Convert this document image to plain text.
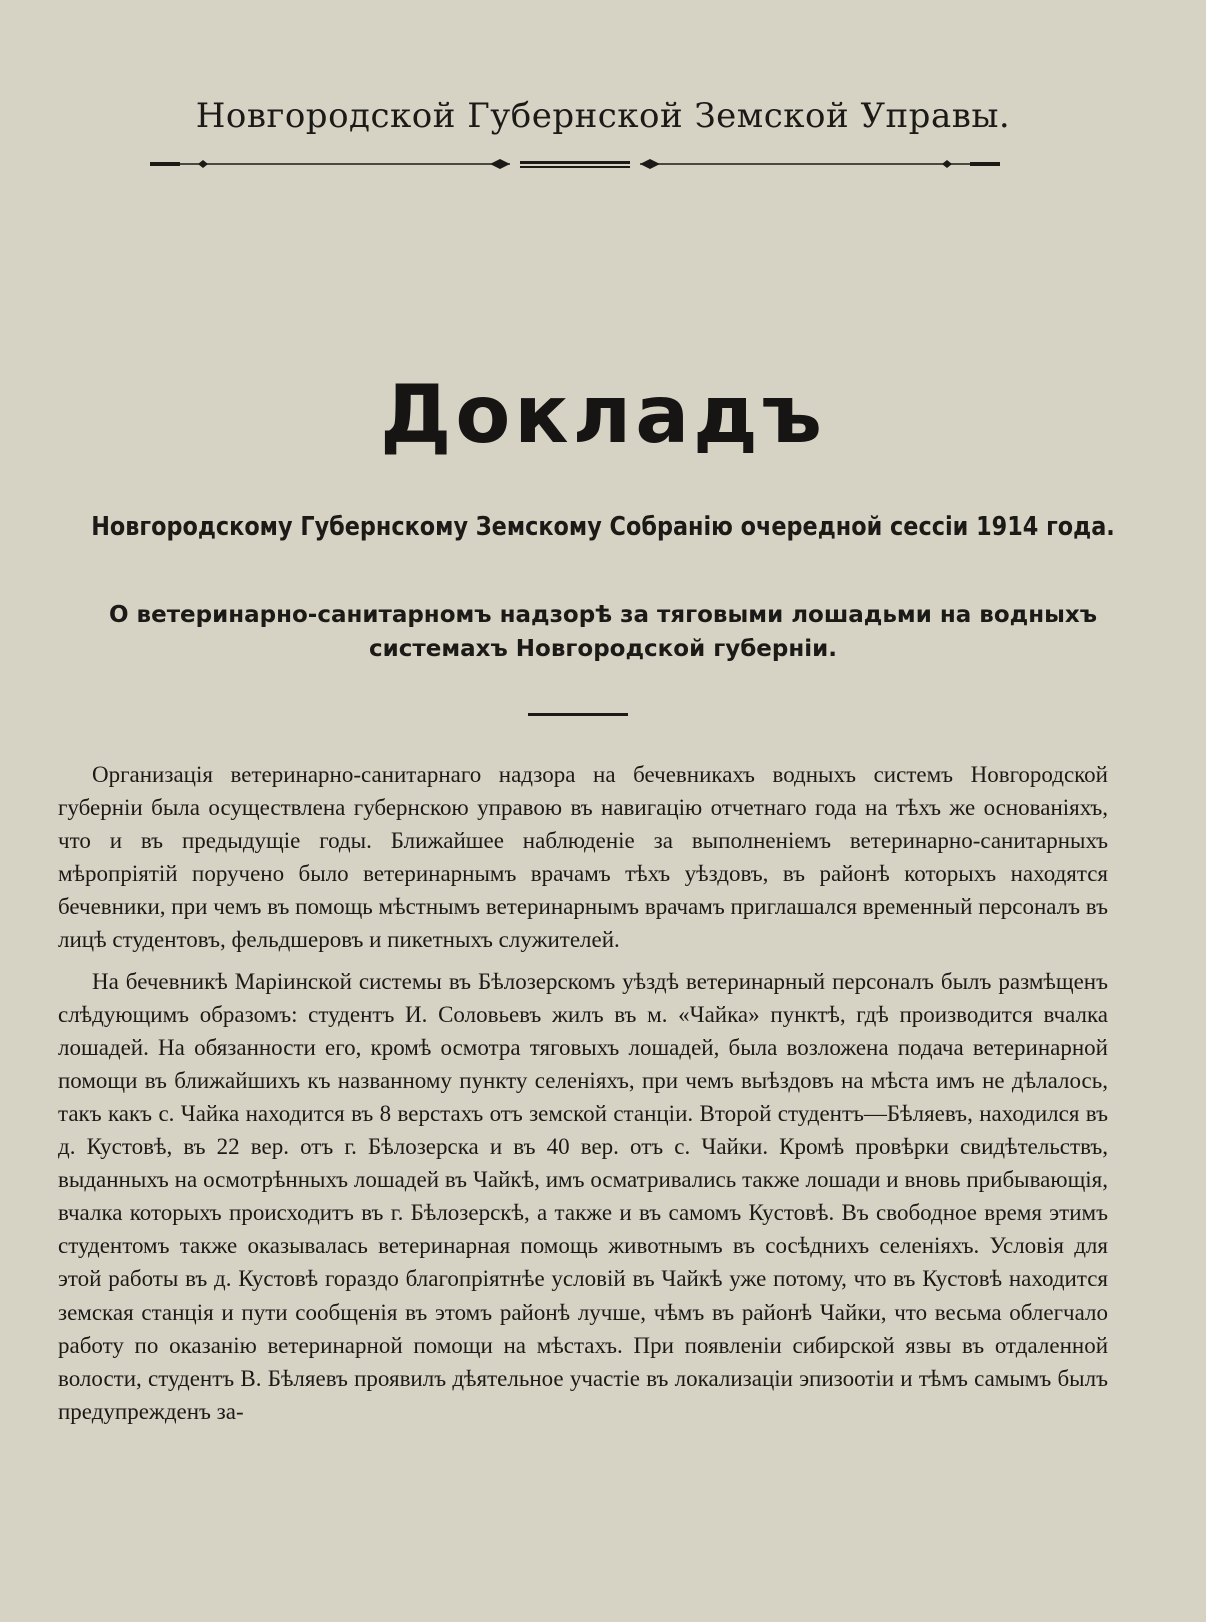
Новгородской Губернской Земской Управы.
Докладъ
Новгородскому Губернскому Земскому Собранію очередной сессіи 1914 года.
О ветеринарно-санитарномъ надзорѣ за тяговыми лошадьми на водныхъ системахъ Новгородской губерніи.

Организація ветеринарно-санитарнаго надзора на бечевникахъ водныхъ системъ Новгородской губерніи была осуществлена губернскою управою въ навигацію отчетнаго года на тѣхъ же основаніяхъ, что и въ предыдущіе годы. Ближайшее наблюденіе за выполненіемъ ветеринарно-санитарныхъ мѣропріятій поручено было ветеринарнымъ врачамъ тѣхъ уѣздовъ, въ районѣ которыхъ находятся бечевники, при чемъ въ помощь мѣстнымъ ветеринарнымъ врачамъ приглашался временный персоналъ въ лицѣ студентовъ, фельдшеровъ и пикетныхъ служителей.

На бечевникѣ Маріинской системы въ Бѣлозерскомъ уѣздѣ ветеринарный персоналъ былъ размѣщенъ слѣдующимъ образомъ: студентъ И. Соловьевъ жилъ въ м. «Чайка» пунктѣ, гдѣ производится вчалка лошадей. На обязанности его, кромѣ осмотра тяговыхъ лошадей, была возложена подача ветеринарной помощи въ ближайшихъ къ названному пункту селеніяхъ, при чемъ выѣздовъ на мѣста имъ не дѣлалось, такъ какъ с. Чайка находится въ 8 верстахъ отъ земской станціи. Второй студентъ—Бѣляевъ, находился въ д. Кустовѣ, въ 22 вер. отъ г. Бѣлозерска и въ 40 вер. отъ с. Чайки. Кромѣ провѣрки свидѣтельствъ, выданныхъ на осмотрѣнныхъ лошадей въ Чайкѣ, имъ осматривались также лошади и вновь прибывающія, вчалка которыхъ происходитъ въ г. Бѣлозерскѣ, а также и въ самомъ Кустовѣ. Въ свободное время этимъ студентомъ также оказывалась ветеринарная помощь животнымъ въ сосѣднихъ селеніяхъ. Условія для этой работы въ д. Кустовѣ гораздо благопріятнѣе условій въ Чайкѣ уже потому, что въ Кустовѣ находится земская станція и пути сообщенія въ этомъ районѣ лучше, чѣмъ въ районѣ Чайки, что весьма облегчало работу по оказанію ветеринарной помощи на мѣстахъ. При появленіи сибирской язвы въ отдаленной волости, студентъ В. Бѣляевъ проявилъ дѣятельное участіе въ локализаціи эпизоотіи и тѣмъ самымъ былъ предупрежденъ за-
